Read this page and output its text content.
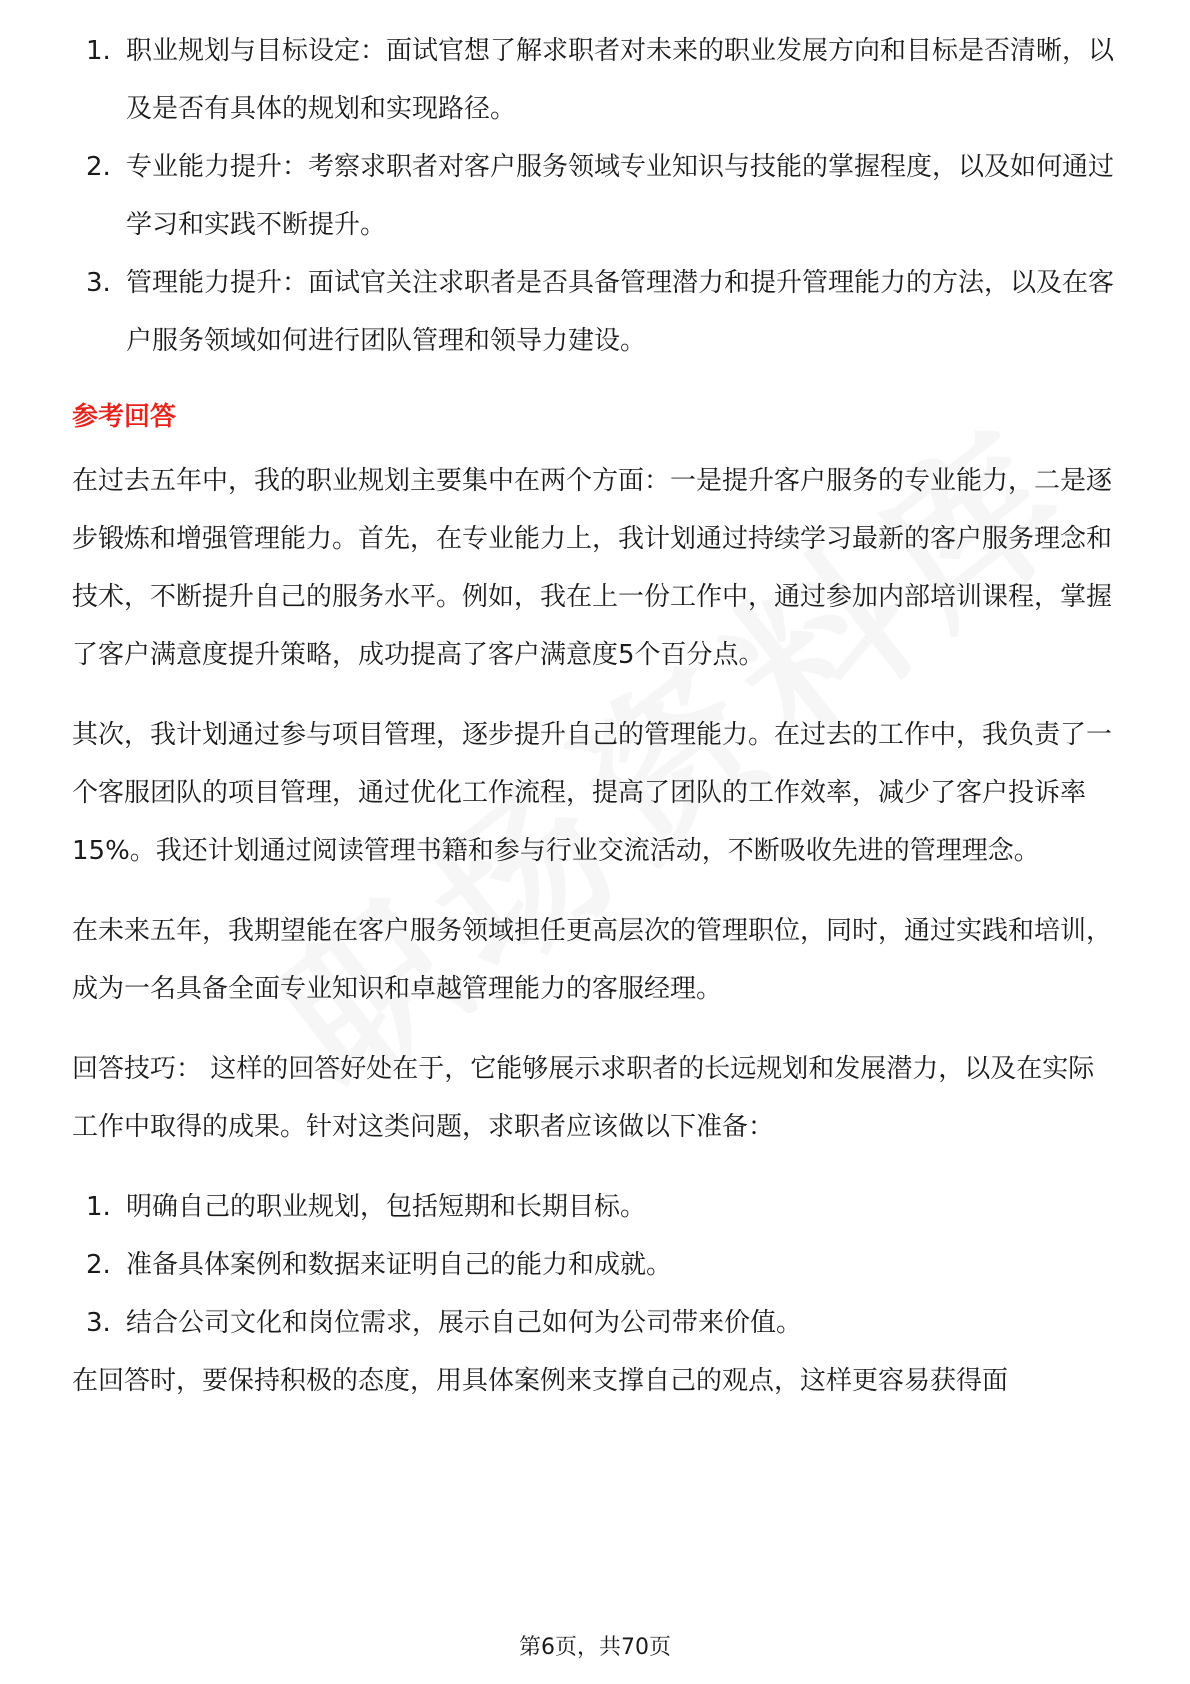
1. 职业规划与目标设定：面试官想了解求职者对未来的职业发展方向和目标是否清晰，以及是否有具体的规划和实现路径。
2. 专业能力提升：考察求职者对客户服务领域专业知识与技能的掌握程度，以及如何通过学习和实践不断提升。
3. 管理能力提升：面试官关注求职者是否具备管理潜力和提升管理能力的方法，以及在客户服务领域如何进行团队管理和领导力建设。
参考回答

在过去五年中，我的职业规划主要集中在两个方面：一是提升客户服务的专业能力，二是逐步锻炼和增强管理能力。首先，在专业能力上，我计划通过持续学习最新的客户服务理念和技术，不断提升自己的服务水平。例如，我在上一份工作中，通过参加内部培训课程，掌握了客户满意度提升策略，成功提高了客户满意度5个百分点。

其次，我计划通过参与项目管理，逐步提升自己的管理能力。在过去的工作中，我负责了一个客服团队的项目管理，通过优化工作流程，提高了团队的工作效率，减少了客户投诉率15%。我还计划通过阅读管理书籍和参与行业交流活动，不断吸收先进的管理理念。

在未来五年，我期望能在客户服务领域担任更高层次的管理职位，同时，通过实践和培训，成为一名具备全面专业知识和卓越管理能力的客服经理。

回答技巧： 这样的回答好处在于，它能够展示求职者的长远规划和发展潜力，以及在实际工作中取得的成果。针对这类问题，求职者应该做以下准备：

1. 明确自己的职业规划，包括短期和长期目标。
2. 准备具体案例和数据来证明自己的能力和成就。
3. 结合公司文化和岗位需求，展示自己如何为公司带来价值。

在回答时，要保持积极的态度，用具体案例来支撑自己的观点，这样更容易获得面

第6页，共70页
